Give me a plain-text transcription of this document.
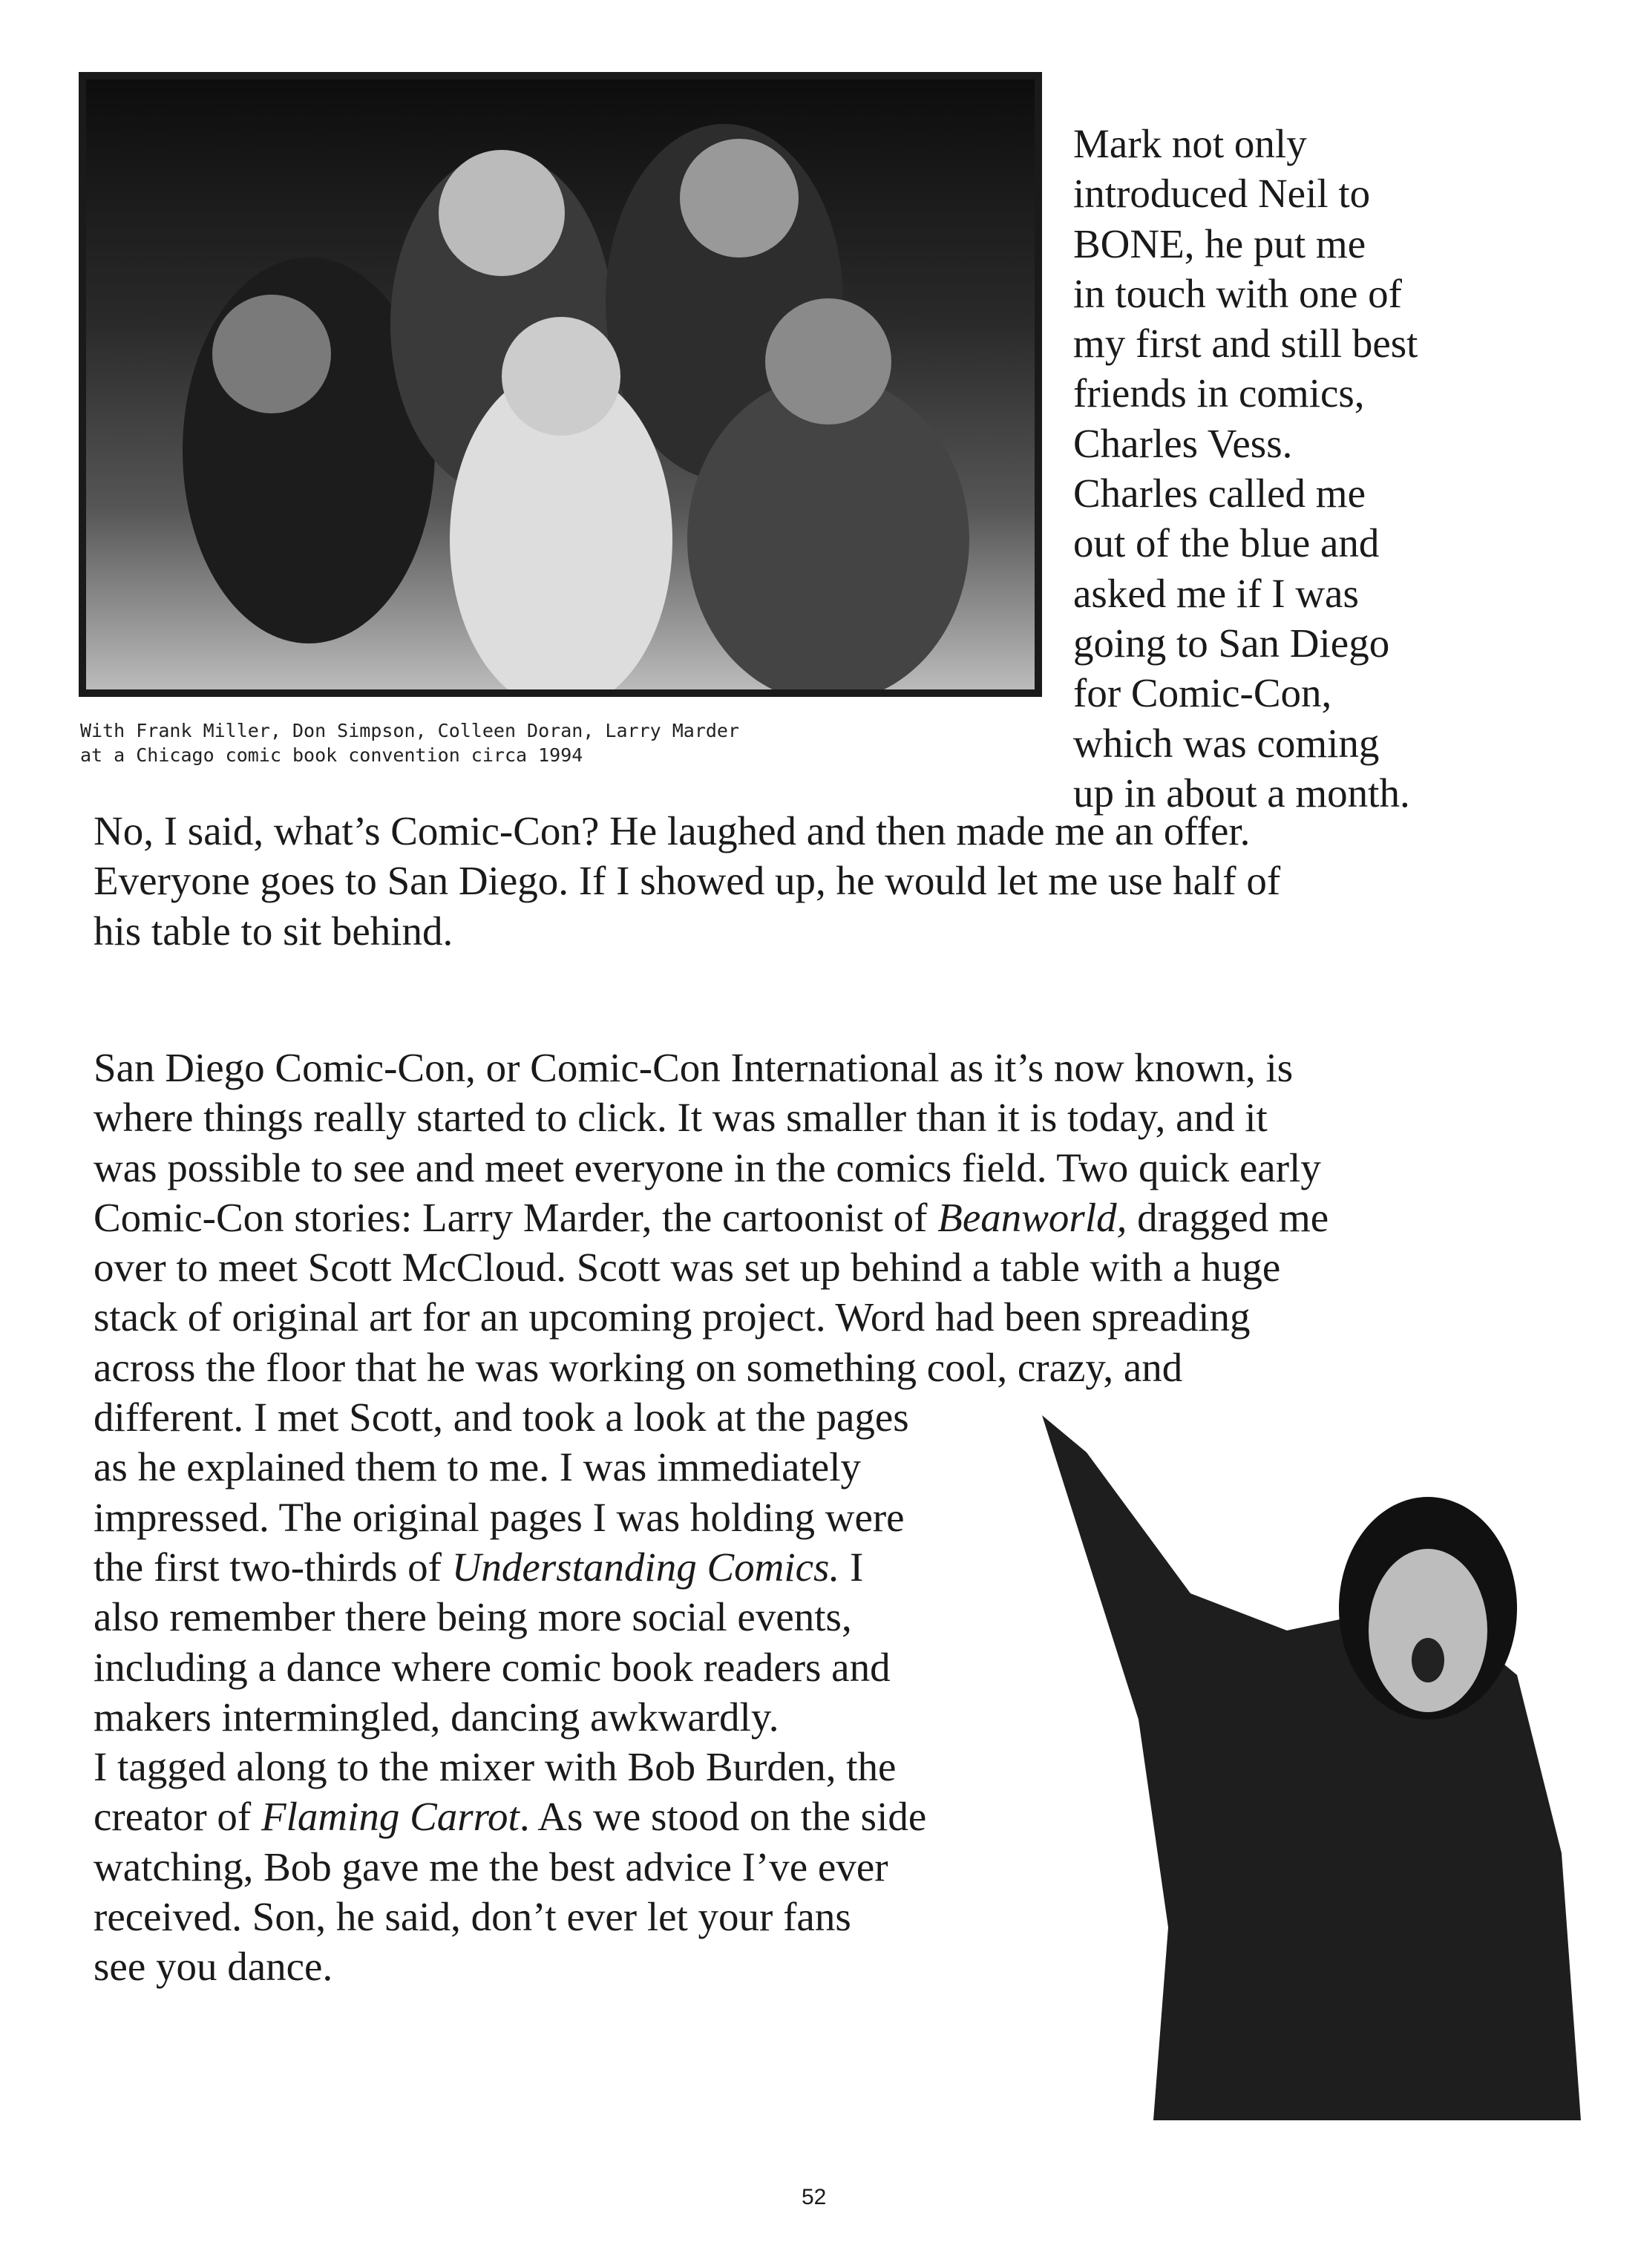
With Frank Miller, Don Simpson, Colleen Doran, Larry Marder
at a Chicago comic book convention circa 1994
Mark not only
introduced Neil to
BONE, he put me
in touch with one of
my first and still best
friends in comics,
Charles Vess.
Charles called me
out of the blue and
asked me if I was
going to San Diego
for Comic-Con,
which was coming
up in about a month.
No, I said, what’s Comic-Con? He laughed and then made me an offer.
Everyone goes to San Diego. If I showed up, he would let me use half of
his table to sit behind.
San Diego Comic-Con, or Comic-Con International as it’s now known, is
where things really started to click. It was smaller than it is today, and it
was possible to see and meet everyone in the comics field. Two quick early
Comic-Con stories: Larry Marder, the cartoonist of Beanworld, dragged me
over to meet Scott McCloud. Scott was set up behind a table with a huge
stack of original art for an upcoming project. Word had been spreading
across the floor that he was working on something cool, crazy, and
different. I met Scott, and took a look at the pages
as he explained them to me. I was immediately
impressed. The original pages I was holding were
the first two-thirds of Understanding Comics. I
also remember there being more social events,
including a dance where comic book readers and
makers intermingled, dancing awkwardly.
I tagged along to the mixer with Bob Burden, the
creator of Flaming Carrot. As we stood on the side
watching, Bob gave me the best advice I’ve ever
received. Son, he said, don’t ever let your fans
see you dance.
52
